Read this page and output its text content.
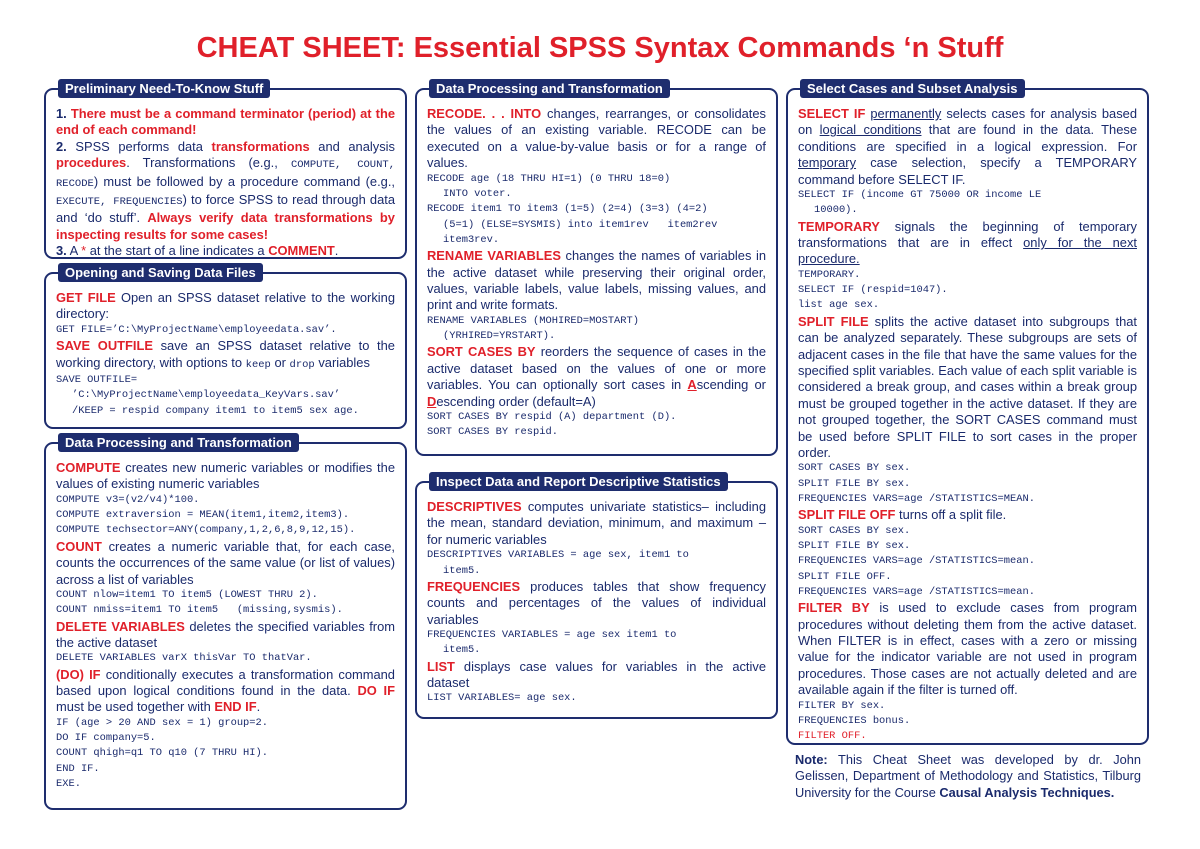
CHEAT SHEET: Essential SPSS Syntax Commands ‘n Stuff
Preliminary Need-To-Know Stuff

1. There must be a command terminator (period) at the end of each command!

2. SPSS performs data transformations and analysis procedures. Transformations (e.g., COMPUTE, COUNT, RECODE) must be followed by a procedure command (e.g., EXECUTE, FREQUENCIES) to force SPSS to read through data and ‘do stuff’. Always verify data transformations by inspecting results for some cases!

3. A * at the start of a line indicates a COMMENT.

Opening and Saving Data Files

GET FILE Open an SPSS dataset relative to the working directory:

GET FILE=’C:\MyProjectName\employeedata.sav’.

SAVE OUTFILE save an SPSS dataset relative to the working directory, with options to keep or drop variables

SAVE OUTFILE=

’C:\MyProjectName\employeedata_KeyVars.sav’

/KEEP = respid company item1 to item5 sex age.

Data Processing and Transformation

COMPUTE creates new numeric variables or modifies the values of existing numeric variables

COMPUTE v3=(v2/v4)*100.

COMPUTE extraversion = MEAN(item1,item2,item3).

COMPUTE techsector=ANY(company,1,2,6,8,9,12,15).

COUNT creates a numeric variable that, for each case, counts the occurrences of the same value (or list of values) across a list of variables

COUNT nlow=item1 TO item5 (LOWEST THRU 2).

COUNT nmiss=item1 TO item5   (missing,sysmis).

DELETE VARIABLES deletes the specified variables from the active dataset

DELETE VARIABLES varX thisVar TO thatVar.

(DO) IF conditionally executes a transformation command based upon logical conditions found in the data. DO IF must be used together with END IF.

IF (age > 20 AND sex = 1) group=2.

DO IF company=5.

COUNT qhigh=q1 TO q10 (7 THRU HI).

END IF.

EXE.

Data Processing and Transformation

RECODE. . . INTO changes, rearranges, or consolidates the values of an existing variable. RECODE can be executed on a value-by-value basis or for a range of values.

RECODE age (18 THRU HI=1) (0 THRU 18=0)

INTO voter.

RECODE item1 TO item3 (1=5) (2=4) (3=3) (4=2)

(5=1) (ELSE=SYSMIS) into item1rev   item2rev

item3rev.

RENAME VARIABLES changes the names of variables in the active dataset while preserving their original order, values, variable labels, value labels, missing values, and print and write formats.

RENAME VARIABLES (MOHIRED=MOSTART)

(YRHIRED=YRSTART).

SORT CASES BY reorders the sequence of cases in the active dataset based on the values of one or more variables. You can optionally sort cases in Ascending or Descending order (default=A)

SORT CASES BY respid (A) department (D).

SORT CASES BY respid.

Inspect Data and Report Descriptive Statistics

DESCRIPTIVES computes univariate statistics– including the mean, standard deviation, minimum, and maximum – for numeric variables

DESCRIPTIVES VARIABLES = age sex, item1 to

item5.

FREQUENCIES produces tables that show frequency counts and percentages of the values of individual variables

FREQUENCIES VARIABLES = age sex item1 to

item5.

LIST displays case values for variables in the active dataset

LIST VARIABLES= age sex.

Select Cases and Subset Analysis

SELECT IF permanently selects cases for analysis based on logical conditions that are found in the data. These conditions are specified in a logical expression. For temporary case selection, specify a TEMPORARY command before SELECT IF.

SELECT IF (income GT 75000 OR income LE

10000).

TEMPORARY signals the beginning of temporary transformations that are in effect only for the next procedure.

TEMPORARY.

SELECT IF (respid=1047).

list age sex.

SPLIT FILE splits the active dataset into subgroups that can be analyzed separately. These subgroups are sets of adjacent cases in the file that have the same values for the specified split variables. Each value of each split variable is considered a break group, and cases within a break group must be grouped together in the active dataset. If they are not grouped together, the SORT CASES command must be used before SPLIT FILE to sort cases in the proper order.

SORT CASES BY sex.

SPLIT FILE BY sex.

FREQUENCIES VARS=age /STATISTICS=MEAN.

SPLIT FILE OFF turns off a split file.

SORT CASES BY sex.

SPLIT FILE BY sex.

FREQUENCIES VARS=age /STATISTICS=mean.

SPLIT FILE OFF.

FREQUENCIES VARS=age /STATISTICS=mean.

FILTER BY is used to exclude cases from program procedures without deleting them from the active dataset. When FILTER is in effect, cases with a zero or missing value for the indicator variable are not used in program procedures. Those cases are not actually deleted and are available again if the filter is turned off.

FILTER BY sex.

FREQUENCIES bonus.

FILTER OFF.

Note: This Cheat Sheet was developed by dr. John Gelissen, Department of Methodology and Statistics, Tilburg University for the Course Causal Analysis Techniques.
